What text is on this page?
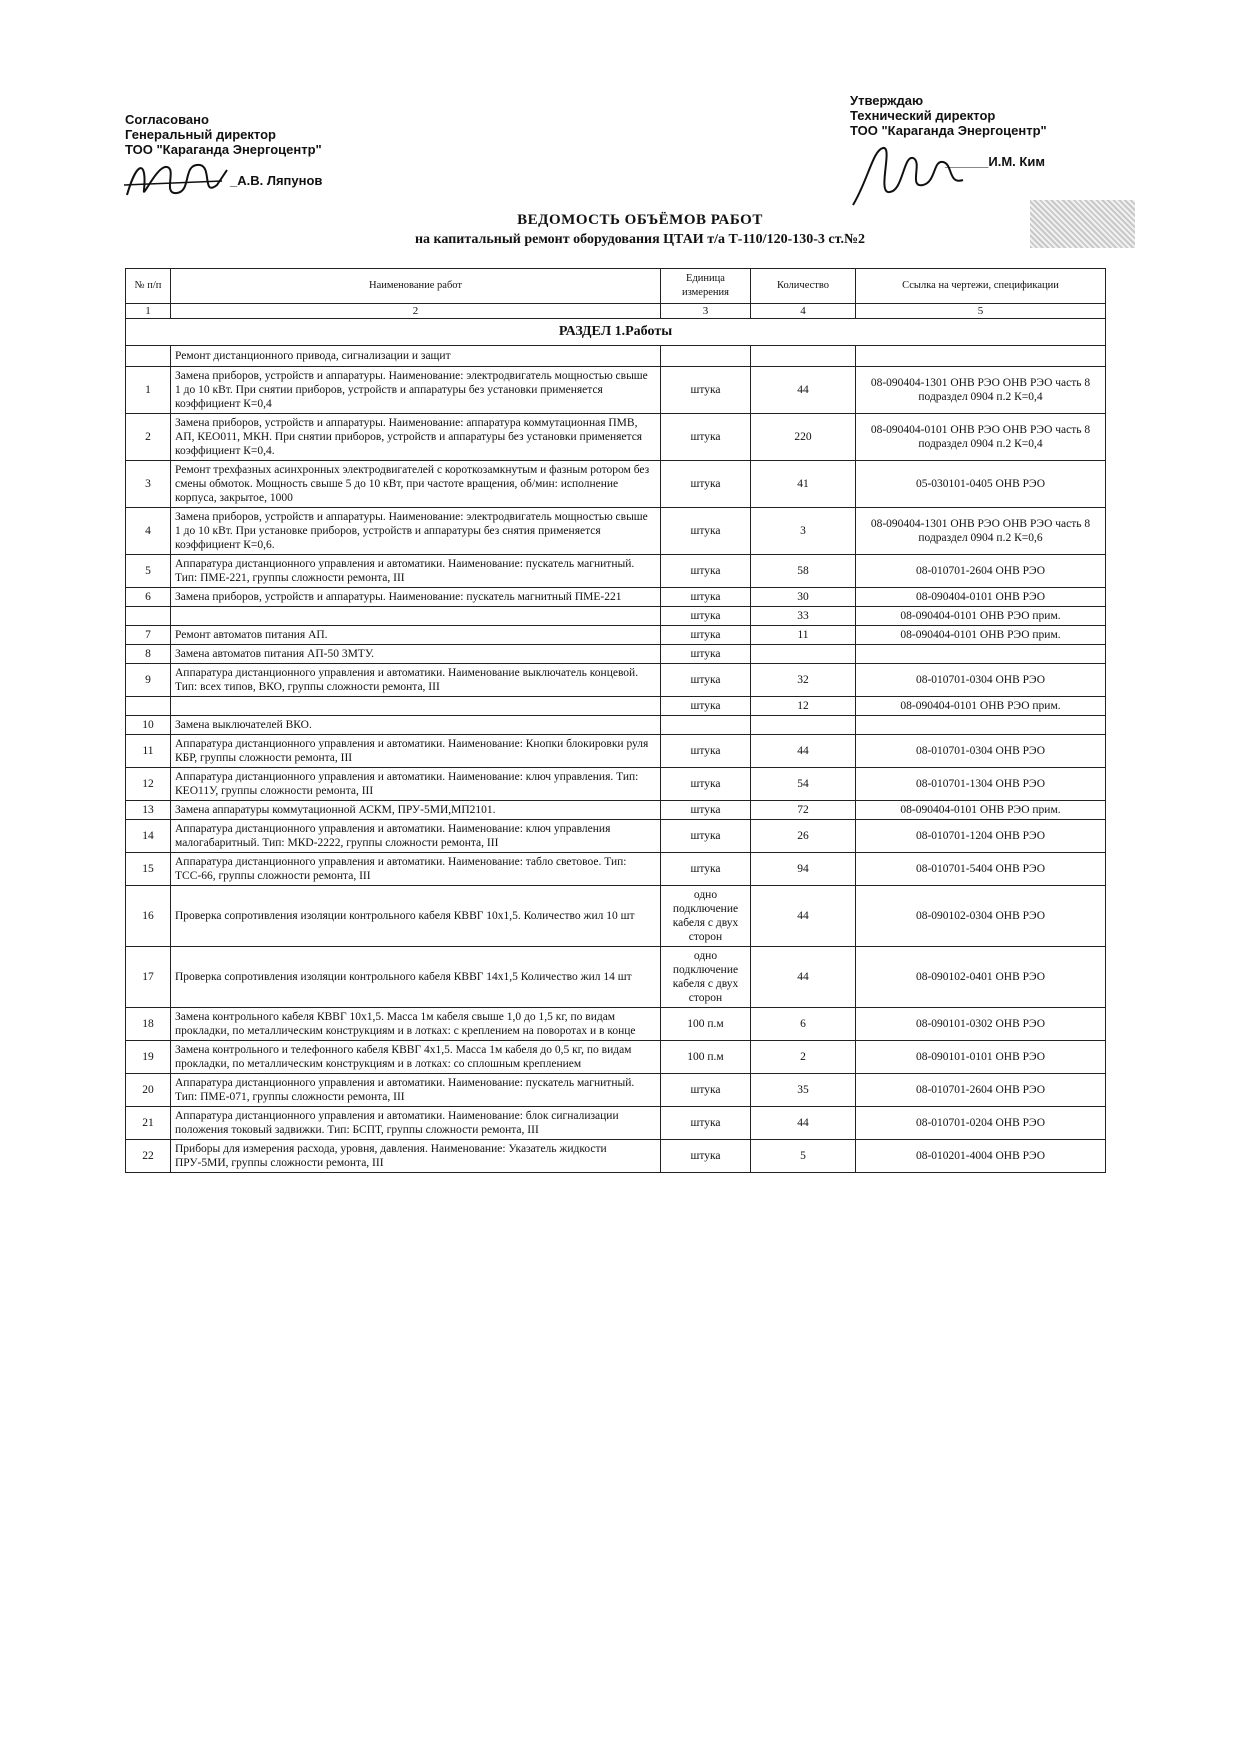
Согласовано
Генеральный директор
ТОО "Караганда Энергоцентр"
_А.В. Ляпунов
Утверждаю
Технический директор
ТОО "Караганда Энергоцентр"
______И.М. Ким
ВЕДОМОСТЬ ОБЪЁМОВ РАБОТ
на капитальный ремонт оборудования ЦТАИ т/а Т-110/120-130-3 ст.№2
№ п/п	Наименование работ	Единица измерения	Количество	Ссылка на чертежи, спецификации
1	2	3	4	5
РАЗДЕЛ 1.Работы				
	Ремонт дистанционного привода, сигнализации и защит			
1	Замена приборов, устройств и аппаратуры. Наименование: электродвигатель мощностью свыше 1 до 10 кВт. При снятии приборов, устройств и аппаратуры без установки применяется коэффициент К=0,4	штука	44	08-090404-1301 ОНВ РЭО ОНВ РЭО часть 8 подраздел 0904 п.2 К=0,4
2	Замена приборов, устройств и аппаратуры. Наименование: аппаратура коммутационная ПМВ, АП, КЕО011, МКН. При снятии приборов, устройств и аппаратуры без установки применяется коэффициент К=0,4.	штука	220	08-090404-0101 ОНВ РЭО ОНВ РЭО часть 8 подраздел 0904 п.2 К=0,4
3	Ремонт трехфазных асинхронных электродвигателей с короткозамкнутым и фазным ротором без смены обмоток. Мощность свыше 5 до 10 кВт, при частоте вращения, об/мин: исполнение корпуса, закрытое, 1000	штука	41	05-030101-0405 ОНВ РЭО
4	Замена приборов, устройств и аппаратуры. Наименование: электродвигатель мощностью свыше 1 до 10 кВт. При установке приборов, устройств и аппаратуры без снятия применяется коэффициент К=0,6.	штука	3	08-090404-1301 ОНВ РЭО ОНВ РЭО часть 8 подраздел 0904 п.2 К=0,6
5	Аппаратура дистанционного управления и автоматики. Наименование: пускатель магнитный. Тип: ПМЕ-221, группы сложности ремонта, III	штука	58	08-010701-2604 ОНВ РЭО
6	Замена приборов, устройств и аппаратуры. Наименование: пускатель магнитный ПМЕ-221	штука	30	08-090404-0101 ОНВ РЭО
		штука	33	08-090404-0101 ОНВ РЭО прим.
7	Ремонт автоматов питания АП.	штука	11	08-090404-0101 ОНВ РЭО прим.
8	Замена автоматов питания АП-50 3МТУ.	штука		
9	Аппаратура дистанционного управления и автоматики. Наименование выключатель концевой. Тип: всех типов, ВКО, группы сложности ремонта, III	штука	32	08-010701-0304 ОНВ РЭО
		штука	12	08-090404-0101 ОНВ РЭО прим.
10	Замена выключателей ВКО.			
11	Аппаратура дистанционного управления и автоматики. Наименование: Кнопки блокировки руля КБР, группы сложности ремонта, III	штука	44	08-010701-0304 ОНВ РЭО
12	Аппаратура дистанционного управления и автоматики. Наименование: ключ управления. Тип: КЕО11У, группы сложности ремонта, III	штука	54	08-010701-1304 ОНВ РЭО
13	Замена аппаратуры коммутационной АСКМ, ПРУ-5МИ,МП2101.	штука	72	08-090404-0101 ОНВ РЭО прим.
14	Аппаратура дистанционного управления и автоматики. Наименование: ключ управления малогабаритный. Тип: МКD-2222, группы сложности ремонта, III	штука	26	08-010701-1204 ОНВ РЭО
15	Аппаратура дистанционного управления и автоматики. Наименование: табло световое. Тип: ТСС-66, группы сложности ремонта, III	штука	94	08-010701-5404 ОНВ РЭО
16	Проверка сопротивления изоляции контрольного кабеля КВВГ 10х1,5. Количество жил 10 шт	одно подключение кабеля с двух сторон	44	08-090102-0304 ОНВ РЭО
17	Проверка сопротивления изоляции контрольного кабеля КВВГ 14х1,5 Количество жил 14 шт	одно подключение кабеля с двух сторон	44	08-090102-0401 ОНВ РЭО
18	Замена контрольного кабеля КВВГ 10х1,5. Масса 1м кабеля свыше 1,0 до 1,5 кг, по видам прокладки, по металлическим конструкциям и в лотках: с креплением на поворотах и в конце	100 п.м	6	08-090101-0302 ОНВ РЭО
19	Замена контрольного и телефонного кабеля КВВГ 4х1,5. Масса 1м кабеля до 0,5 кг, по видам прокладки, по металлическим конструкциям и в лотках: со сплошным креплением	100 п.м	2	08-090101-0101 ОНВ РЭО
20	Аппаратура дистанционного управления и автоматики. Наименование: пускатель магнитный. Тип: ПМЕ-071, группы сложности ремонта, III	штука	35	08-010701-2604 ОНВ РЭО
21	Аппаратура дистанционного управления и автоматики. Наименование: блок сигнализации положения токовый задвижки. Тип: БСПТ, группы сложности ремонта, III	штука	44	08-010701-0204 ОНВ РЭО
22	Приборы для измерения расхода, уровня, давления. Наименование: Указатель жидкости ПРУ-5МИ, группы сложности ремонта, III	штука	5	08-010201-4004 ОНВ РЭО
